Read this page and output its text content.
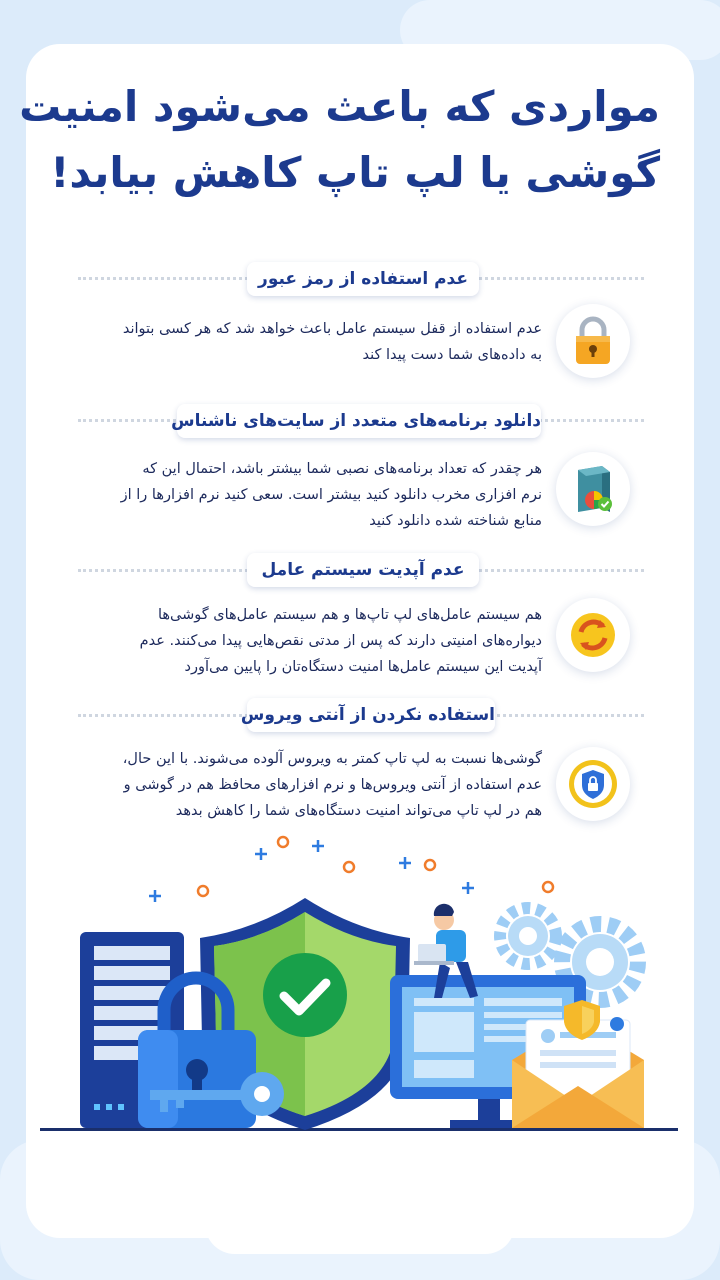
مواردی که باعث می‌شود امنیت
گوشی یا لپ تاپ کاهش بیابد!
عدم استفاده از رمز عبور
عدم استفاده از قفل سیستم عامل باعث خواهد شد که هر کسی بتواند
به داده‌های شما دست پیدا کند
دانلود برنامه‌های متعدد از سایت‌های ناشناس
هر چقدر که تعداد برنامه‌های نصبی شما بیشتر باشد، احتمال این که
نرم افزاری مخرب دانلود کنید بیشتر است. سعی کنید نرم افزارها را از
منابع شناخته شده دانلود کنید
عدم آپدیت سیستم عامل
هم سیستم عامل‌های لپ تاپ‌ها و هم سیستم عامل‌های گوشی‌ها
دیواره‌های امنیتی دارند که پس از مدتی نقص‌هایی پیدا می‌کنند. عدم
آپدیت این سیستم عامل‌ها امنیت دستگاه‌تان را پایین می‌آورد
استفاده نکردن از آنتی ویروس
گوشی‌ها نسبت به لپ تاپ کمتر به ویروس آلوده می‌شوند. با این حال،
عدم استفاده از آنتی ویروس‌ها و نرم افزارهای محافظ هم در گوشی و
هم در لپ تاپ می‌تواند امنیت دستگاه‌های شما را کاهش بدهد
